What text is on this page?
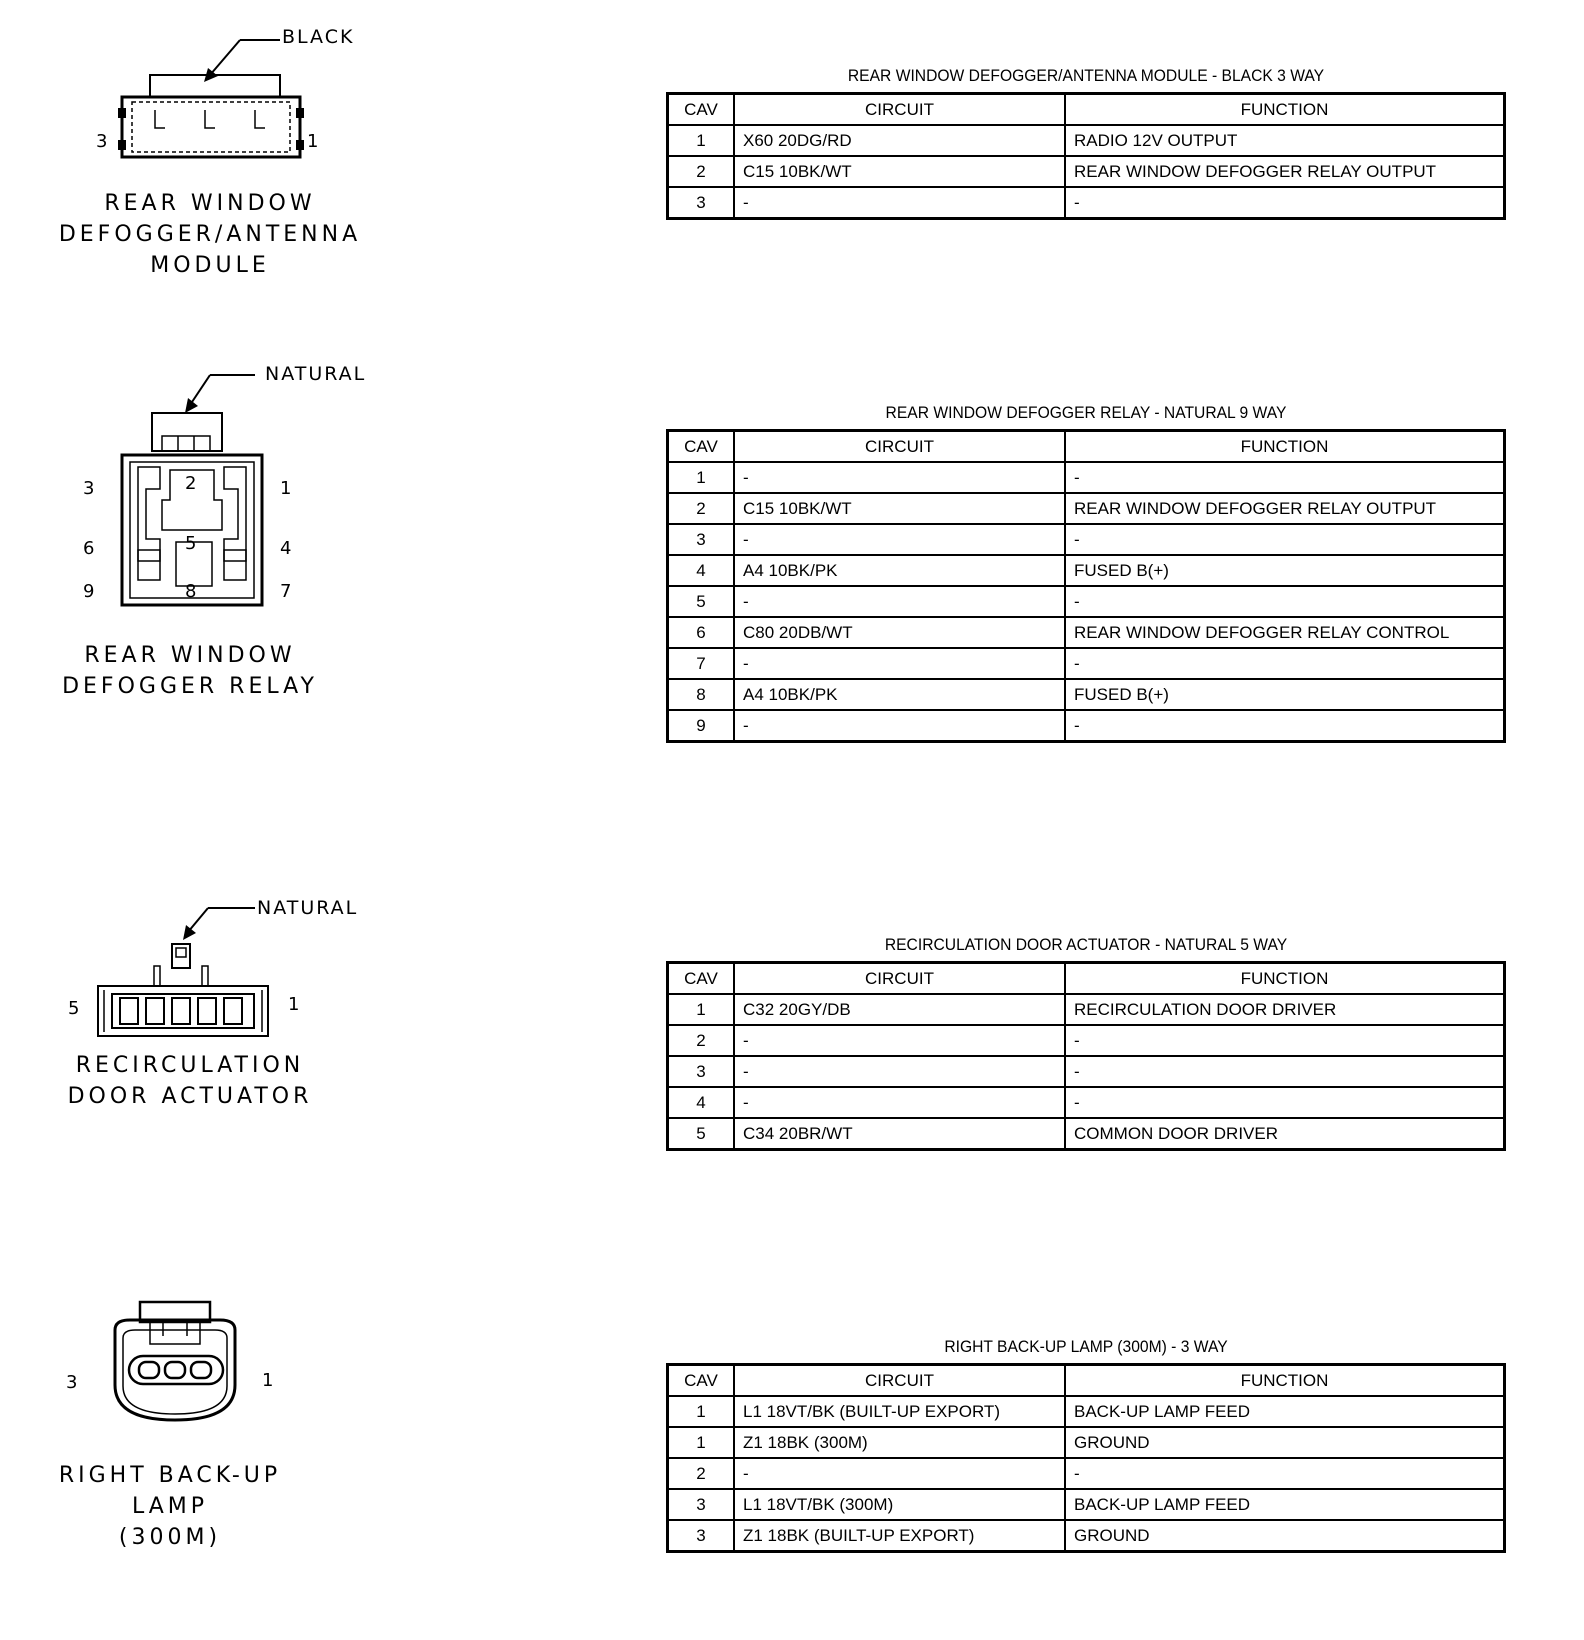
BLACK
3	1
REAR WINDOW
DEFOGGER/ANTENNA
MODULE
REAR WINDOW DEFOGGER/ANTENNA MODULE - BLACK 3 WAY
CAV	CIRCUIT	FUNCTION
1	X60 20DG/RD	RADIO 12V OUTPUT
2	C15 10BK/WT	REAR WINDOW DEFOGGER RELAY OUTPUT
3	-	-
NATURAL
3	2	1
6	5	4
9	8	7
REAR WINDOW
DEFOGGER RELAY
REAR WINDOW DEFOGGER RELAY - NATURAL 9 WAY
CAV	CIRCUIT	FUNCTION
1	-	-
2	C15 10BK/WT	REAR WINDOW DEFOGGER RELAY OUTPUT
3	-	-
4	A4 10BK/PK	FUSED B(+)
5	-	-
6	C80 20DB/WT	REAR WINDOW DEFOGGER RELAY CONTROL
7	-	-
8	A4 10BK/PK	FUSED B(+)
9	-	-
NATURAL
5	1
RECIRCULATION
DOOR ACTUATOR
RECIRCULATION DOOR ACTUATOR - NATURAL 5 WAY
CAV	CIRCUIT	FUNCTION
1	C32 20GY/DB	RECIRCULATION DOOR DRIVER
2	-	-
3	-	-
4	-	-
5	C34 20BR/WT	COMMON DOOR DRIVER
3	1
RIGHT BACK-UP
LAMP
(300M)
RIGHT BACK-UP LAMP (300M) - 3 WAY
CAV	CIRCUIT	FUNCTION
1	L1 18VT/BK (BUILT-UP EXPORT)	BACK-UP LAMP FEED
1	Z1 18BK (300M)	GROUND
2	-	-
3	L1 18VT/BK (300M)	BACK-UP LAMP FEED
3	Z1 18BK (BUILT-UP EXPORT)	GROUND
